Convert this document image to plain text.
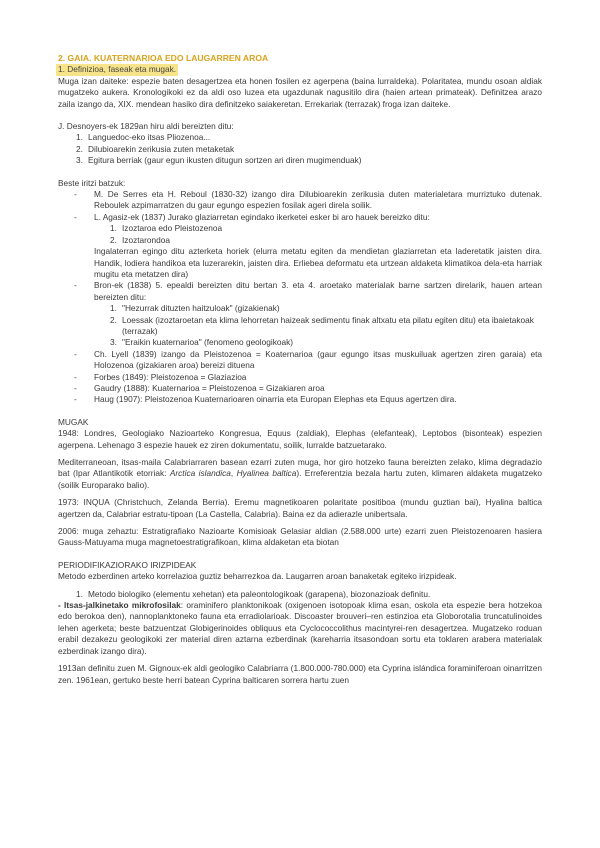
2. GAIA. KUATERNARIOA EDO LAUGARREN AROA

1. Definizioa, faseak eta mugak.

Muga izan daiteke: espezie baten desagertzea eta honen fosilen ez agerpena (baina lurraldeka). Polaritatea, mundu osoan aldiak mugatzeko aukera. Kronologikoki ez da aldi oso luzea eta ugazdunak nagusitilo dira (haien artean primateak). Definitzea arazo zaila izango da, XIX. mendean hasiko dira definitzeko saiakeretan. Errekariak (terrazak) froga izan daiteke.

J. Desnoyers-ek 1829an hiru aldi bereizten ditu:

1. Languedoc-eko itsas Pliozenoa...
2. Dilubioarekin zerikusia zuten metaketak
3. Egitura berriak (gaur egun ikusten ditugun sortzen ari diren mugimenduak)

Beste iritzi batzuk:

-	M. De Serres eta H. Reboul (1830-32) izango dira Dilubioarekin zerikusia duten materialetara murriztuko dutenak. Reboulek azpimarratzen du gaur egungo espezien fosilak ageri direla soilik.
-	L. Agasiz-ek (1837) Jurako glaziarretan egindako ikerketei esker bi aro hauek bereizko ditu:
1. Izoztaroa edo Pleistozenoa
2. Izoztarondoa

Ingalaterran egingo ditu azterketa horiek (elurra metatu egiten da mendietan glaziarretan eta laderetatik jaisten dira. Handik, lodiera handikoa eta luzerarekin, jaisten dira. Erliebea deformatu eta urtzean aldaketa klimatikoa dela-eta harriak mugitu eta metatzen dira)

-	Bron-ek (1838) 5. epealdi bereizten ditu bertan 3. eta 4. aroetako materialak barne sartzen direlarik, hauen artean bereizten ditu:
1. "Hezurrak dituzten haitzuloak" (gizakienak)
2. Loessak (izoztaroetan eta klima lehorretan haizeak sedimentu finak altxatu eta pilatu egiten ditu) eta ibaietakoak (terrazak)
3. "Eraikin kuaternarioa" (fenomeno geologikoak)
-	Ch. Lyell (1839) izango da Pleistozenoa = Koaternarioa (gaur egungo itsas muskuiluak agertzen ziren garaia) eta Holozenoa (gizakiaren aroa) bereizi dituena
-	Forbes (1849): Pleistozenoa = Glaziazioa
-	Gaudry (1888): Kuaternarioa = Pleistozenoa = Gizakiaren aroa
-	Haug (1907): Pleistozenoa Kuaternarioaren oinarria eta Europan Elephas eta Equus agertzen dira.

MUGAK

1948: Londres, Geologiako Nazioarteko Kongresua, Equus (zaldiak), Elephas (elefanteak), Leptobos (bisonteak) espezien agerpena. Lehenago 3 espezie hauek ez ziren dokumentatu, soilik, lurralde batzuetarako.

Mediterraneoan, itsas-maila Calabriarraren basean ezarri zuten muga, hor giro hotzeko fauna bereizten zelako, klima degradazio bat (Ipar Atlantikotik etorriak: Arctica islandica, Hyalinea baltica). Erreferentzia bezala hartu zuten, klimaren aldaketa mugatzeko (soilik Europarako balio).

1973: INQUA (Christchuch, Zelanda Berria). Eremu magnetikoaren polaritate positiboa (mundu guztian bai), Hyalina baltica agertzen da, Calabriar estratu-tipoan (La Castella, Calabria). Baina ez da adierazle unibertsala.

2006: muga zehaztu: Estratigrafiako Nazioarte Komisioak Gelasiar aldian (2.588.000 urte) ezarri zuen Pleistozenoaren hasiera Gauss-Matuyama muga magnetoestratigrafikoan, klima aldaketan eta biotan

PERIODIFIKAZIORAKO IRIZPIDEAK

Metodo ezberdinen arteko korrelazioa guztiz beharrezkoa da. Laugarren aroan banaketak egiteko irizpideak.

1. Metodo biologiko (elementu xehetan) eta paleontologikoak (garapena), biozonazioak definitu.

- Itsas-jalkinetako mikrofosilak: oraminifero planktonikoak (oxigenoen isotopoak klima esan, oskola eta espezie bera hotzekoa edo berokoa den), nannoplanktoneko fauna eta erradiolarioak. Discoaster brouveri–ren estinzioa eta Globorotalia truncatulinoides lehen agerketa; beste batzuentzat Globigerinoides obliquus eta Cyclococcolithus macintyrei-ren desagertzea. Mugatzeko roduan erabil dezakezu geologikoki zer material diren aztarna ezberdinak (kareharria itsasondoan sortu eta toklaren arabera materialak ezberdinak izango dira).

1913an definitu zuen M. Gignoux-ek aldi geologiko Calabriarra (1.800.000-780.000) eta Cyprina islándica foraminiferoan oinarritzen zen. 1961ean, gertuko beste herri batean Cyprina balticaren sorrera hartu zuen
